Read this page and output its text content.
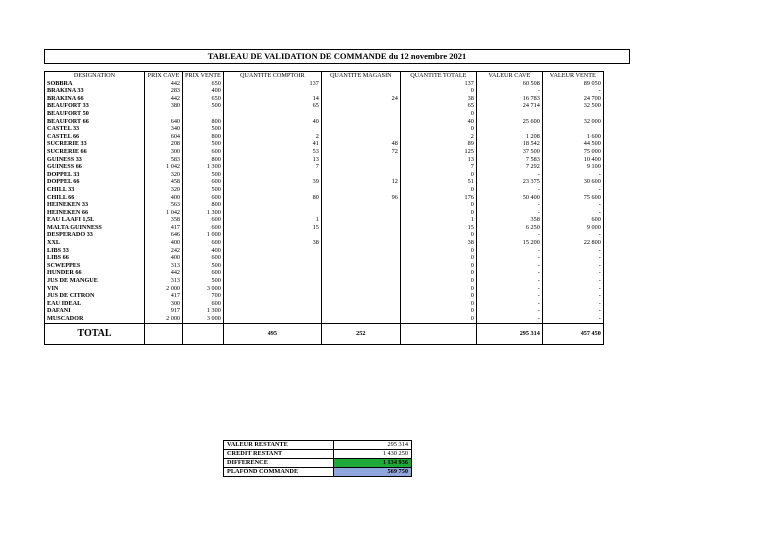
TABLEAU DE VALIDATION DE COMMANDE du 12 novembre 2021
DESIGNATION	PRIX CAVE	PRIX VENTE	QUANTITE COMPTOIR	QUANTITE MAGASIN	QUANTITE TOTALE	VALEUR CAVE	VALEUR VENTE
SOBBRA	442	650	137		137	60 508	89 050
BRAKINA 33	283	400			0	-	-
BRAKINA 66	442	650	14	24	38	16 783	24 700
BEAUFORT 33	380	500	65		65	24 714	32 500
BEAUFORT 50					0		
BEAUFORT 66	640	800	40		40	25 600	32 000
CASTEL 33	340	500			0		
CASTEL 66	604	800	2		2	1 208	1 600
SUCRERIE 33	208	500	41	48	89	18 542	44 500
SUCRERIE 66	300	600	53	72	125	37 500	75 000
GUINESS 33	583	800	13		13	7 583	10 400
GUINESS 66	1 042	1 300	7		7	7 292	9 100
DOPPEL 33	320	500			0	-	-
DOPPEL 66	458	600	39	12	51	23 375	30 600
CHILL 33	320	500			0	-	-
CHILL 66	400	600	80	96	176	50 400	75 600
HEINEKEN 33	563	800			0	-	-
HEINEKEN 66	1 042	1 300			0	-	-
EAU LAAFI 1,5L	358	600	1		1	358	600
MALTA GUINNESS	417	600	15		15	6 250	9 000
DESPERADO 33	646	1 000			0	-	-
XXL	400	600	38		38	15 200	22 800
LIBS 33	242	400			0	-	-
LIBS 66	400	600			0	-	-
SCWEPPES	313	500			0	-	-
HUNDER 66	442	600			0	-	-
JUS DE MANGUE	313	500			0	-	-
VIN	2 000	3 000			0	-	-
JUS DE CITRON	417	700			0	-	-
EAU IDEAL	300	600			0	-	-
DAFANI	917	1 300			0	-	-
MUSCADOR	2 000	3 000			0	-	-
TOTAL			495	252		295 314	457 450
VALEUR RESTANTE	295 314
CREDIT RESTANT	1 430 250
DIFFERENCE	1 134 936
PLAFOND COMMANDE	569 750
